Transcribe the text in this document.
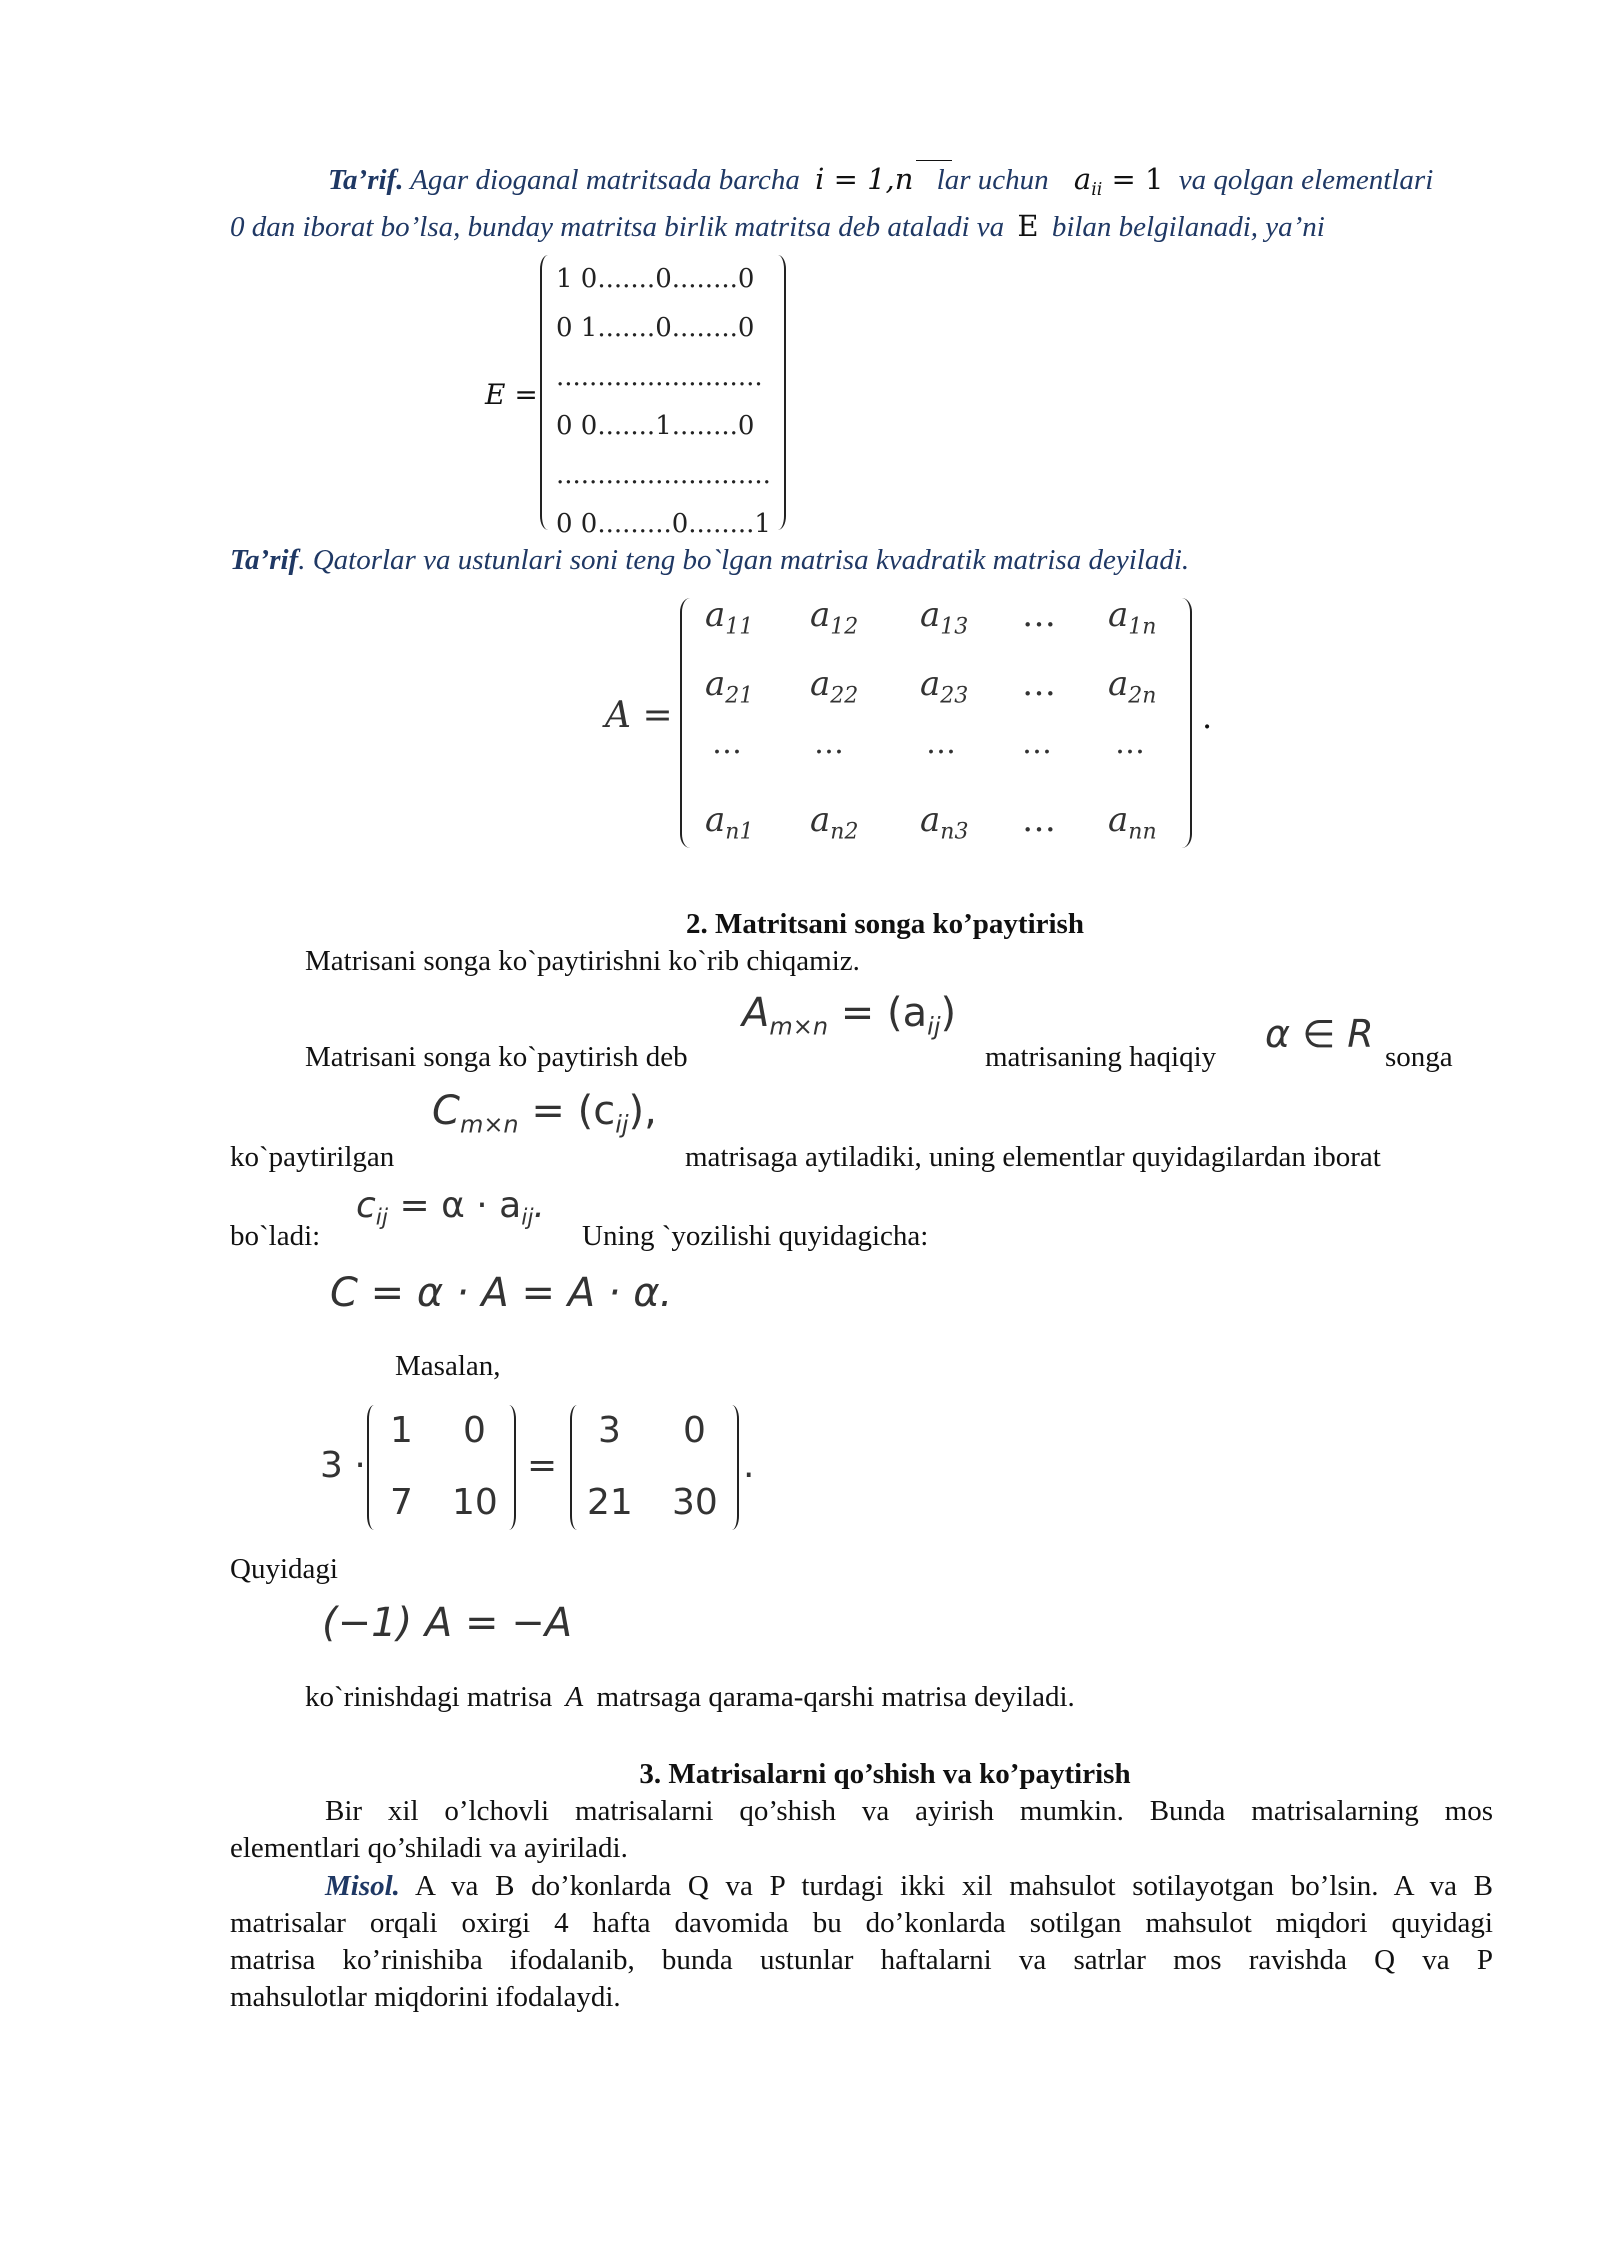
Ta’rif. Agar dioganal matritsada barcha i = 1,n lar uchun $a_{ii} = 1$ va qolgan elementlari
0 dan iborat bo’lsa, bunday matritsa birlik matritsa deb ataladi va E bilan belgilanadi, ya’ni
E =
1 0.......0........0
0 1.......0........0
.........................
0 0.......1........0
..........................
0 0.........0........1
Ta’rif. Qatorlar va ustunlari soni teng bo`lgan matrisa kvadratik matrisa deyiladi.
A =
$a_{11}$ $a_{12}$ $a_{13}$ … $a_{1n}$
$a_{21}$ $a_{22}$ $a_{23}$ … $a_{2n}$
… …	… … …
$a_{n1}$ $a_{n2}$ $a_{n3}$ … $a_{nn}$
.
2. Matritsani songa ko’paytirish
Matrisani songa ko`paytirishni ko`rib chiqamiz.
$A_{m\times n} = (a_{ij})$
Matrisani songa ko`paytirish deb	matrisaning haqiqiy
α ∈ R
songa
$C_{m\times n} = (c_{ij})$,
ko`paytirilgan	matrisaga aytiladiki, uning elementlar quyidagilardan iborat
$c_{ij} = \alpha \cdot a_{ij}$.
bo`ladi:	Uning `yozilishi quyidagicha:
C = α · A = A · α.
Masalan,
3 ·
1 0
7 10
=
3 0
21 30
.
Quyidagi
(−1) A = −A
ko`rinishdagi matrisa A matrsaga qarama-qarshi matrisa deyiladi.
3. Matrisalarni qo’shish va ko’paytirish
Bir xil o’lchovli matrisalarni qo’shish va ayirish mumkin. Bunda matrisalarning mos
elementlari qo’shiladi va ayiriladi.
Misol. A va B do’konlarda Q va P turdagi ikki xil mahsulot sotilayotgan bo’lsin. A va B
matrisalar orqali oxirgi 4 hafta davomida bu do’konlarda sotilgan mahsulot miqdori quyidagi
matrisa ko’rinishiba ifodalanib, bunda ustunlar haftalarni va satrlar mos ravishda Q va P
mahsulotlar miqdorini ifodalaydi.
